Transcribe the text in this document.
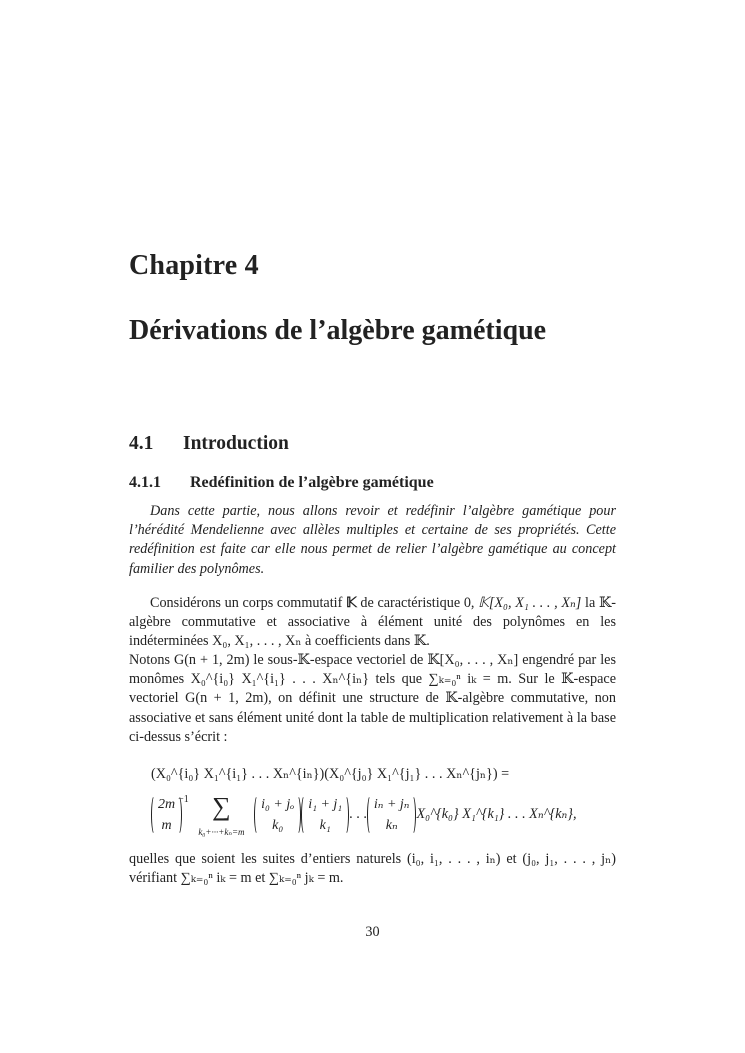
Chapitre 4
Dérivations de l’algèbre gamétique
4.1 Introduction
4.1.1 Redéfinition de l’algèbre gamétique
Dans cette partie, nous allons revoir et redéfinir l’algèbre gamétique pour l’hérédité Mendelienne avec allèles multiples et certaine de ses propriétés. Cette redéfinition est faite car elle nous permet de relier l’algèbre gamétique au concept familier des polynômes.
Considérons un corps commutatif 𝕂 de caractéristique 0, 𝕂[X₀, X₁ . . . , Xₙ] la 𝕂-algèbre commutative et associative à élément unité des polynômes en les indéterminées X₀, X₁, . . . , Xₙ à coefficients dans 𝕂.
Notons G(n + 1, 2m) le sous-𝕂-espace vectoriel de 𝕂[X₀, . . . , Xₙ] engendré par les monômes X₀^{i₀} X₁^{i₁} . . . Xₙ^{iₙ} tels que ∑ₖ₌₀ⁿ iₖ = m. Sur le 𝕂-espace vectoriel G(n + 1, 2m), on définit une structure de 𝕂-algèbre commutative, non associative et sans élément unité dont la table de multiplication relativement à la base ci-dessus s’écrit :
(X₀^{i₀} X₁^{i₁} . . . Xₙ^{iₙ})(X₀^{j₀} X₁^{j₁} . . . Xₙ^{jₙ}) =
2m
m
$^{-1}$ ∑
k₀+···+kₙ=m

i₀ + jₒ
k₀
i₁ + j₁
k₁
. . .
iₙ + jₙ
kₙ
X₀^{k₀} X₁^{k₁} . . . Xₙ^{kₙ},
quelles que soient les suites d’entiers naturels (i₀, i₁, . . . , iₙ) et (j₀, j₁, . . . , jₙ) vérifiant ∑ₖ₌₀ⁿ iₖ = m et ∑ₖ₌₀ⁿ jₖ = m.
30
